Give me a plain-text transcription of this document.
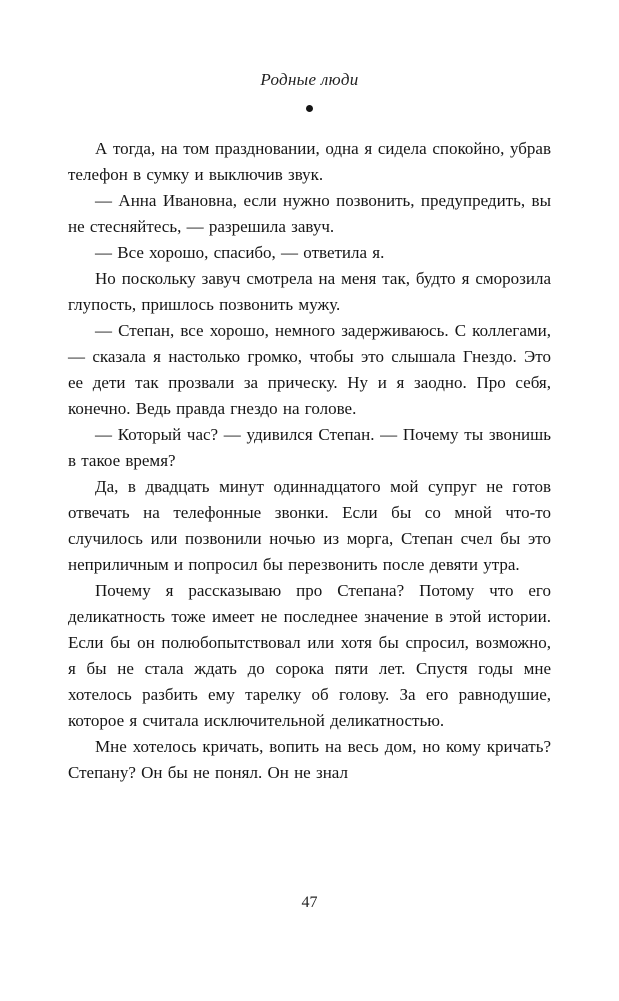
Родные люди

А тогда, на том праздновании, одна я сидела спокойно, убрав телефон в сумку и выключив звук.

— Анна Ивановна, если нужно позвонить, предупредить, вы не стесняйтесь, — разрешила завуч.

— Все хорошо, спасибо, — ответила я.

Но поскольку завуч смотрела на меня так, будто я сморозила глупость, пришлось позвонить мужу.

— Степан, все хорошо, немного задерживаюсь. С коллегами, — сказала я настолько громко, чтобы это слышала Гнездо. Это ее дети так прозвали за прическу. Ну и я заодно. Про себя, конечно. Ведь правда гнездо на голове.

— Который час? — удивился Степан. — Почему ты звонишь в такое время?

Да, в двадцать минут одиннадцатого мой супруг не готов отвечать на телефонные звонки. Если бы со мной что-то случилось или позвонили ночью из морга, Степан счел бы это неприличным и попросил бы перезвонить после девяти утра.

Почему я рассказываю про Степана? Потому что его деликатность тоже имеет не последнее значение в этой истории. Если бы он полюбопытствовал или хотя бы спросил, возможно, я бы не стала ждать до сорока пяти лет. Спустя годы мне хотелось разбить ему тарелку об голову. За его равнодушие, которое я считала исключительной деликатностью.

Мне хотелось кричать, вопить на весь дом, но кому кричать? Степану? Он бы не понял. Он не знал

47
